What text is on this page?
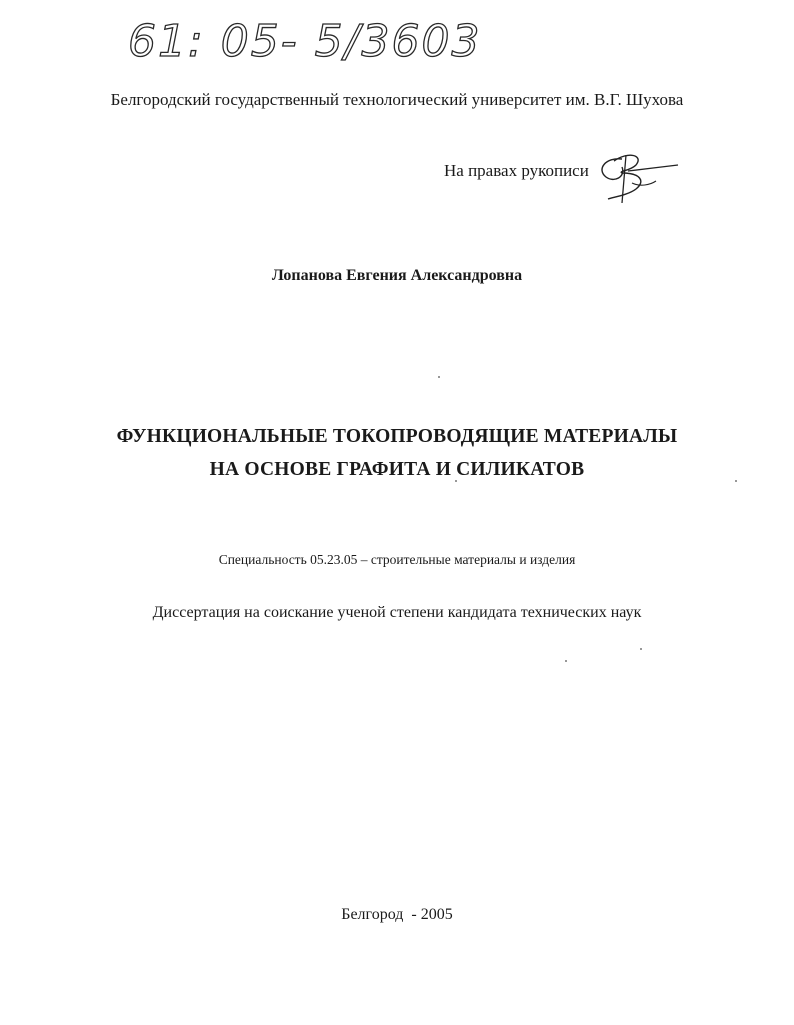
61: 05- 5/3603
Белгородский государственный технологический университет им. В.Г. Шухова
На правах рукописи
Лопанова Евгения Александровна
ФУНКЦИОНАЛЬНЫЕ ТОКОПРОВОДЯЩИЕ МАТЕРИАЛЫ
НА ОСНОВЕ ГРАФИТА И СИЛИКАТОВ
Специальность 05.23.05 – строительные материалы и изделия
Диссертация на соискание ученой степени кандидата технических наук
Белгород  - 2005
